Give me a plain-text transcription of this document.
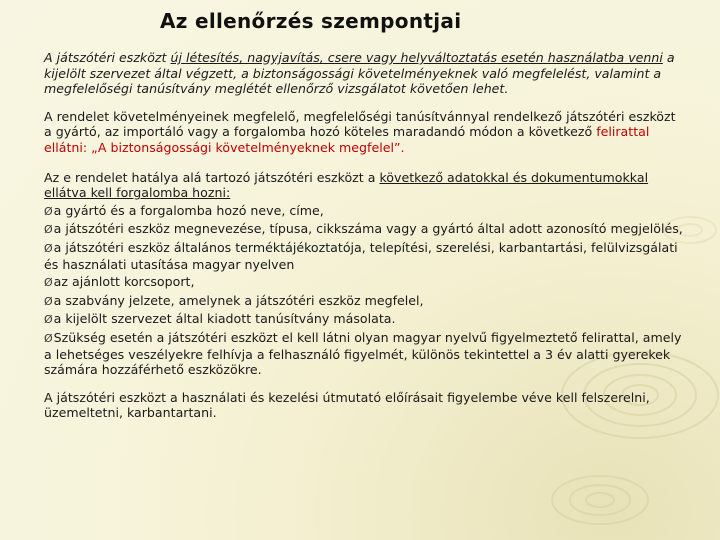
Az ellenőrzés szempontjai

A játszótéri eszközt új létesítés, nagyjavítás, csere vagy helyváltoztatás esetén használatba venni a kijelölt szervezet által végzett, a biztonságossági követelményeknek való megfelelést, valamint a megfelelőségi tanúsítvány meglétét ellenőrző vizsgálatot követően lehet.

A rendelet követelményeinek megfelelő, megfelelőségi tanúsítvánnyal rendelkező játszótéri eszközt a gyártó, az importáló vagy a forgalomba hozó köteles maradandó módon a következő felirattal ellátni: „A biztonságossági követelményeknek megfelel”.

Az e rendelet hatálya alá tartozó játszótéri eszközt a következő adatokkal és dokumentumokkal ellátva kell forgalomba hozni:
Øa gyártó és a forgalomba hozó neve, címe,
Øa játszótéri eszköz megnevezése, típusa, cikkszáma vagy a gyártó által adott azonosító megjelölés,
Øa játszótéri eszköz általános terméktájékoztatója, telepítési, szerelési, karbantartási, felülvizsgálati és használati utasítása magyar nyelven
Øaz ajánlott korcsoport,
Øa szabvány jelzete, amelynek a játszótéri eszköz megfelel,
Øa kijelölt szervezet által kiadott tanúsítvány másolata.
ØSzükség esetén a játszótéri eszközt el kell látni olyan magyar nyelvű figyelmeztető felirattal, amely a lehetséges veszélyekre felhívja a felhasználó figyelmét, különös tekintettel a 3 év alatti gyerekek számára hozzáférhető eszközökre.

A játszótéri eszközt a használati és kezelési útmutató előírásait figyelembe véve kell felszerelni, üzemeltetni, karbantartani.
